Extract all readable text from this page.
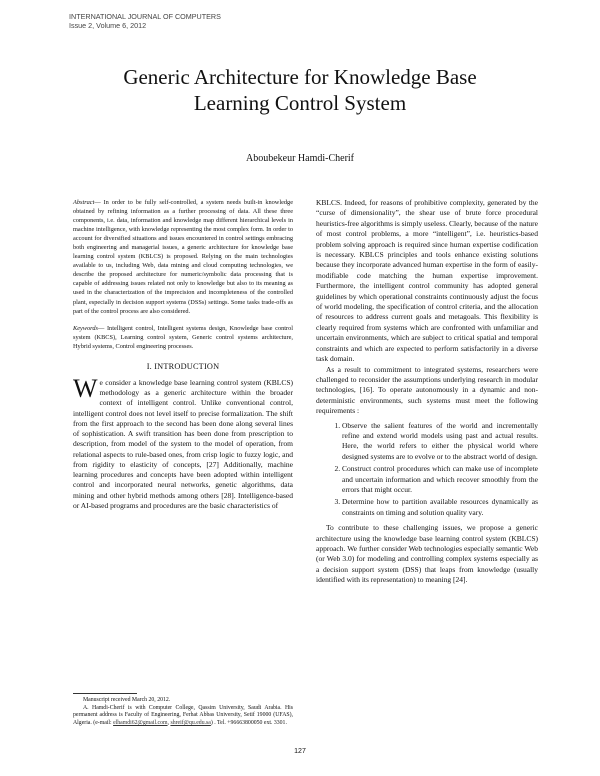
INTERNATIONAL JOURNAL OF COMPUTERS
Issue 2, Volume 6, 2012
Generic Architecture for Knowledge Base
Learning Control System
Aboubekeur Hamdi-Cherif

Abstract— In order to be fully self-controlled, a system needs built-in knowledge obtained by refining information as a further processing of data. All these three components, i.e. data, information and knowledge map different hierarchical levels in machine intelligence, with knowledge representing the most complex form. In order to account for diversified situations and issues encountered in control settings embracing both engineering and managerial issues, a generic architecture for knowledge base learning control system (KBLCS) is proposed. Relying on the main technologies available to us, including Web, data mining and cloud computing technologies, we describe the proposed architecture for numeric/symbolic data processing that is capable of addressing issues related not only to knowledge but also to its meaning as used in the characterization of the imprecision and incompleteness of the controlled plant, especially in decision support systems (DSSs) settings. Some tasks trade-offs as part of the control process are also considered.

Keywords— Intelligent control, Intelligent systems design, Knowledge base control system (KBCS), Learning control system, Generic control systems architecture, Hybrid systems, Control engineering processes.

I. INTRODUCTION

We consider a knowledge base learning control system (KBLCS) methodology as a generic architecture within the broader context of intelligent control. Unlike conventional control, intelligent control does not level itself to precise formalization. The shift from the first approach to the second has been done along several lines of sophistication. A swift transition has been done from prescription to description, from model of the system to the model of operation, from relational aspects to rule-based ones, from crisp logic to fuzzy logic, and from rigidity to elasticity of concepts, [27] Additionally, machine learning procedures and concepts have been adopted within intelligent control and incorporated neural networks, genetic algorithms, data mining and other hybrid methods among others [28]. Intelligence-based or AI-based programs and procedures are the basic characteristics of

KBLCS. Indeed, for reasons of prohibitive complexity, generated by the “curse of dimensionality”, the shear use of brute force procedural heuristics-free algorithms is simply useless. Clearly, because of the nature of most control problems, a more “intelligent”, i.e. heuristics-based problem solving approach is required since human expertise codification is necessary. KBLCS principles and tools enhance existing solutions because they incorporate advanced human expertise in the form of easily-modifiable code matching the human expertise improvement. Furthermore, the intelligent control community has adopted general guidelines by which operational constraints continuously adjust the focus of world modeling, the specification of control criteria, and the allocation of resources to address current goals and metagoals. This flexibility is clearly required from systems which are confronted with unfamiliar and uncertain environments, which are subject to critical spatial and temporal constraints and which are expected to perform satisfactorily in a diverse task domain.

As a result to commitment to integrated systems, researchers were challenged to reconsider the assumptions underlying research in modular technologies, [16]. To operate autonomously in a dynamic and non-deterministic environments, such systems must meet the following requirements :

1. Observe the salient features of the world and incrementally refine and extend world models using past and actual results. Here, the world refers to either the physical world where designed systems are to evolve or to the abstract world of design.
2. Construct control procedures which can make use of incomplete and uncertain information and which recover smoothly from the errors that might occur.
3. Determine how to partition available resources dynamically as constraints on timing and solution quality vary.

To contribute to these challenging issues, we propose a generic architecture using the knowledge base learning control system (KBLCS) approach. We further consider Web technologies especially semantic Web (or Web 3.0) for modeling and controlling complex systems especially as a decision support system (DSS) that leaps from knowledge (usually identified with its representation) to meaning [24].

Manuscript received March 20, 2012.

A. Hamdi-Cherif is with Computer College, Qassim University, Saudi Arabia. His permanent address is Faculty of Engineering, Ferhat Abbas University, Setif 19000 (UFAS), Algeria. (e-mail: elhamdi62@gmail.com, shreif@qu.edu.sa) . Tel. +96663800050 ext. 3301.

127
